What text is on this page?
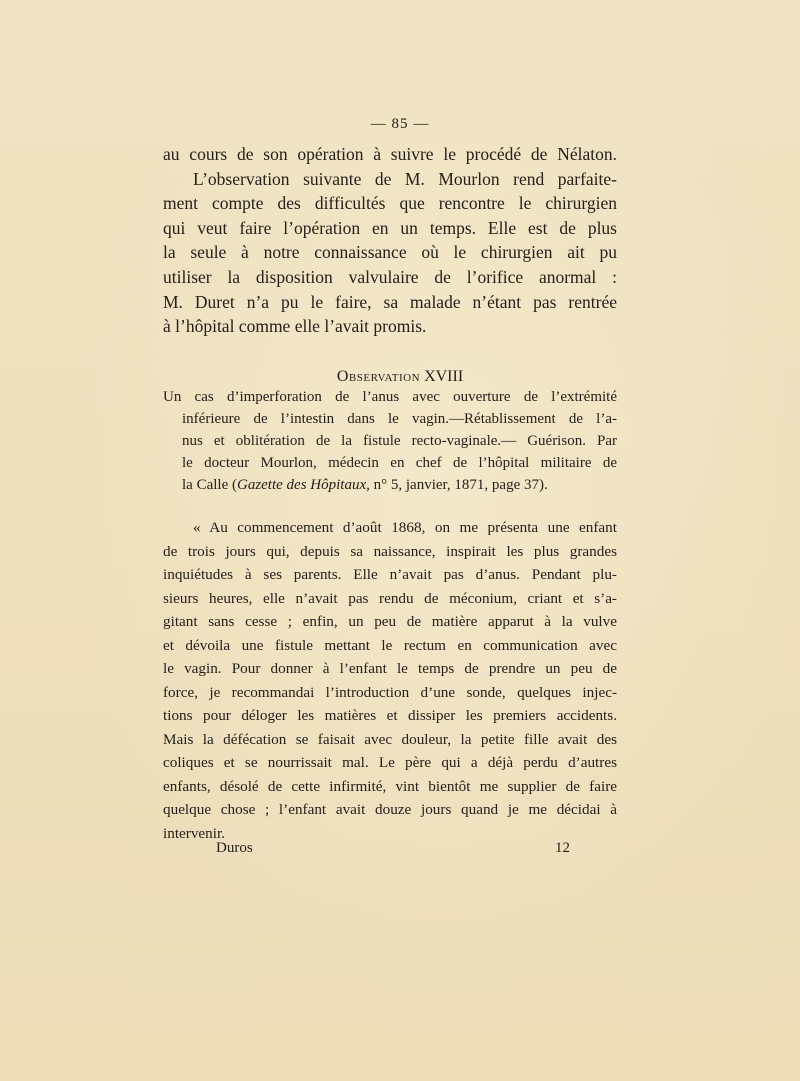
— 85 —
au cours de son opération à suivre le procédé de Nélaton.
L’observation suivante de M. Mourlon rend parfaite-
ment compte des difficultés que rencontre le chirurgien
qui veut faire l’opération en un temps. Elle est de plus
la seule à notre connaissance où le chirurgien ait pu
utiliser la disposition valvulaire de l’orifice anormal :
M. Duret n’a pu le faire, sa malade n’étant pas rentrée
à l’hôpital comme elle l’avait promis.
Observation XVIII
Un cas d’imperforation de l’anus avec ouverture de l’extrémité
inférieure de l’intestin dans le vagin.—Rétablissement de l’a-
nus et oblitération de la fistule recto-vaginale.— Guérison. Par
le docteur Mourlon, médecin en chef de l’hôpital militaire de
la Calle (Gazette des Hôpitaux, n° 5, janvier, 1871, page 37).
« Au commencement d’août 1868, on me présenta une enfant
de trois jours qui, depuis sa naissance, inspirait les plus grandes
inquiétudes à ses parents. Elle n’avait pas d’anus. Pendant plu-
sieurs heures, elle n’avait pas rendu de méconium, criant et s’a-
gitant sans cesse ; enfin, un peu de matière apparut à la vulve
et dévoila une fistule mettant le rectum en communication avec
le vagin. Pour donner à l’enfant le temps de prendre un peu de
force, je recommandai l’introduction d’une sonde, quelques injec-
tions pour déloger les matières et dissiper les premiers accidents.
Mais la défécation se faisait avec douleur, la petite fille avait des
coliques et se nourrissait mal. Le père qui a déjà perdu d’autres
enfants, désolé de cette infirmité, vint bientôt me supplier de faire
quelque chose ; l’enfant avait douze jours quand je me décidai à
intervenir.
Duros	12
